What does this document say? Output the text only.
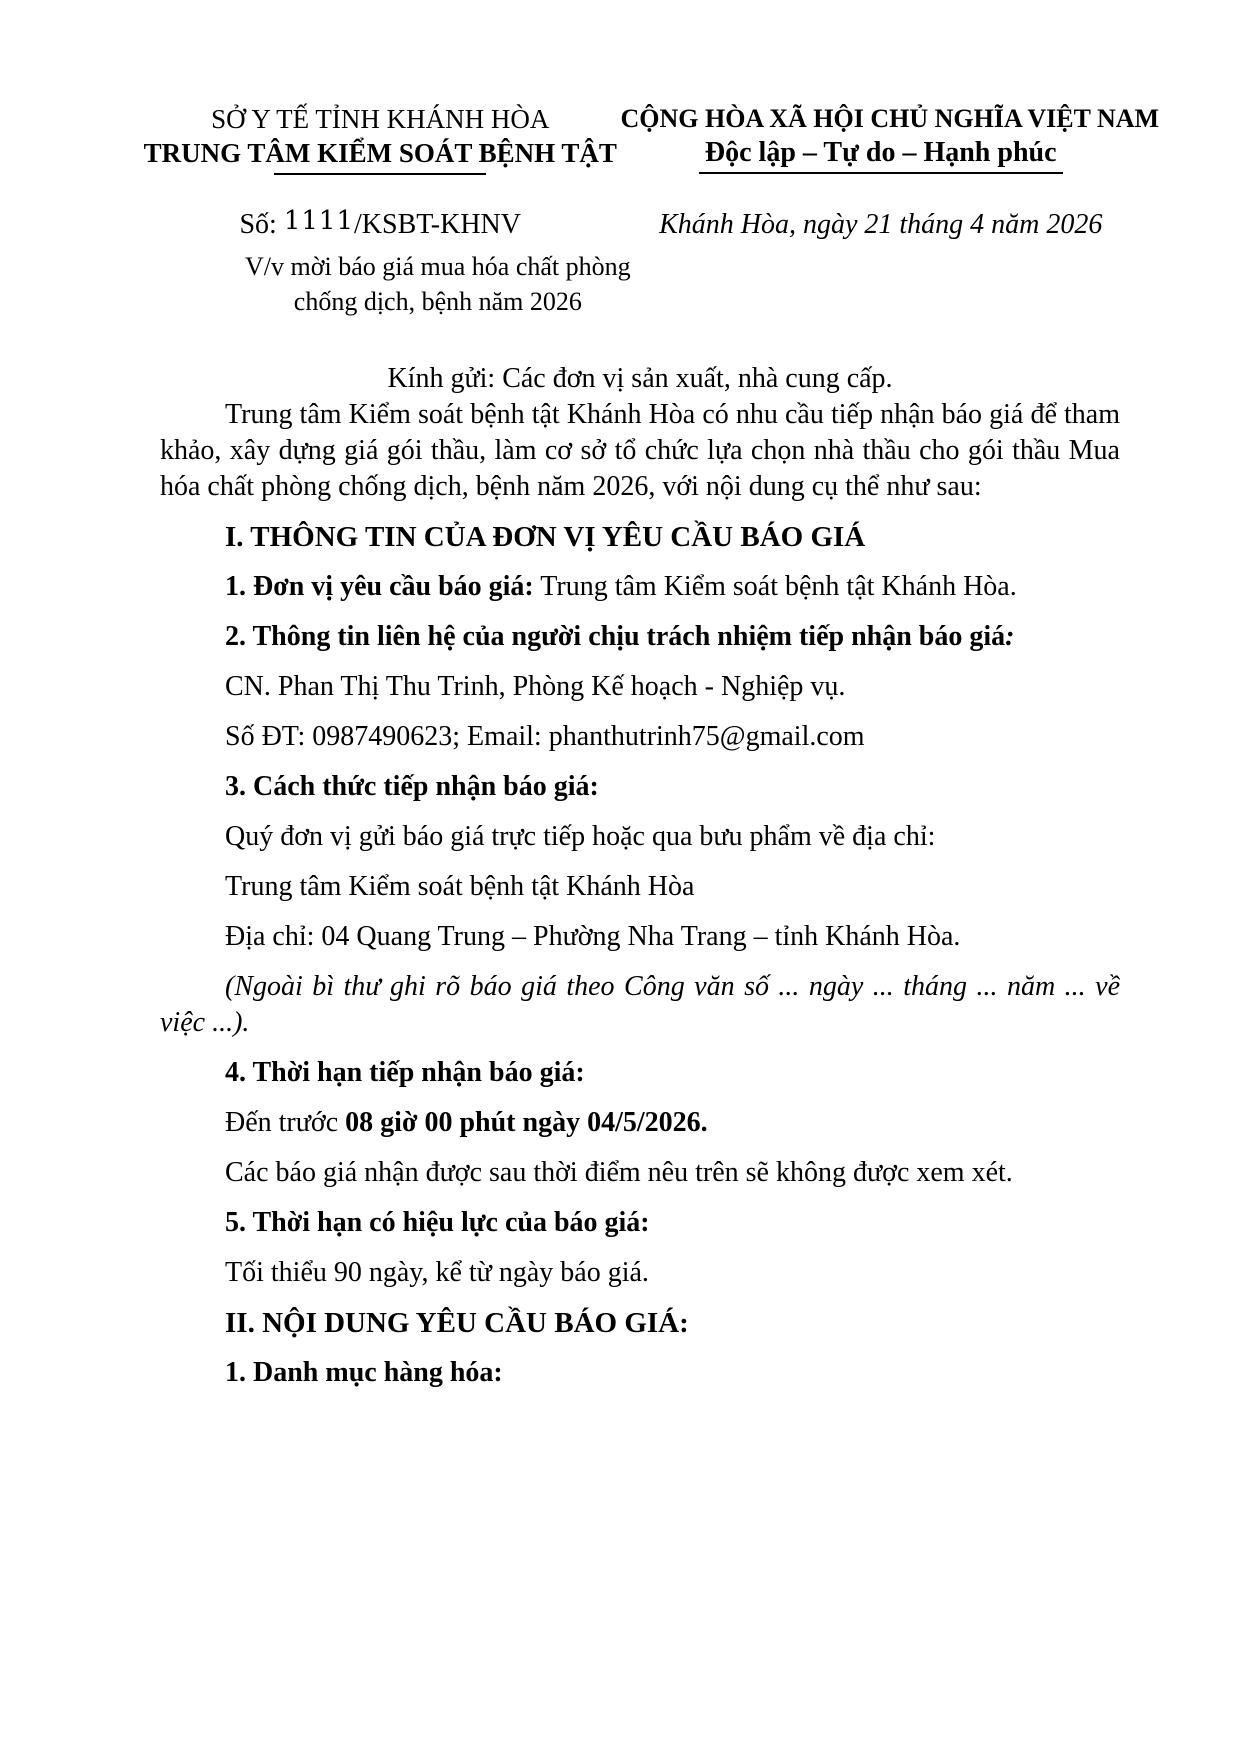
SỞ Y TẾ TỈNH KHÁNH HÒA
TRUNG TÂM KIỂM SOÁT BỆNH TẬT
CỘNG HÒA XÃ HỘI CHỦ NGHĨA VIỆT NAM
Độc lập – Tự do – Hạnh phúc
Số: 1111/KSBT-KHNV	Khánh Hòa, ngày 21 tháng 4 năm 2026
V/v mời báo giá mua hóa chất phòng
chống dịch, bệnh năm 2026
Kính gửi: Các đơn vị sản xuất, nhà cung cấp.

Trung tâm Kiểm soát bệnh tật Khánh Hòa có nhu cầu tiếp nhận báo giá để tham khảo, xây dựng giá gói thầu, làm cơ sở tổ chức lựa chọn nhà thầu cho gói thầu Mua hóa chất phòng chống dịch, bệnh năm 2026, với nội dung cụ thể như sau:

I. THÔNG TIN CỦA ĐƠN VỊ YÊU CẦU BÁO GIÁ

1. Đơn vị yêu cầu báo giá: Trung tâm Kiểm soát bệnh tật Khánh Hòa.

2. Thông tin liên hệ của người chịu trách nhiệm tiếp nhận báo giá:

CN. Phan Thị Thu Trinh, Phòng Kế hoạch - Nghiệp vụ.

Số ĐT: 0987490623; Email: phanthutrinh75@gmail.com

3. Cách thức tiếp nhận báo giá:

Quý đơn vị gửi báo giá trực tiếp hoặc qua bưu phẩm về địa chỉ:

Trung tâm Kiểm soát bệnh tật Khánh Hòa

Địa chỉ: 04 Quang Trung – Phường Nha Trang – tỉnh Khánh Hòa.

(Ngoài bì thư ghi rõ báo giá theo Công văn số ... ngày ... tháng ... năm ... về việc ...).

4. Thời hạn tiếp nhận báo giá:

Đến trước 08 giờ 00 phút ngày 04/5/2026.

Các báo giá nhận được sau thời điểm nêu trên sẽ không được xem xét.

5. Thời hạn có hiệu lực của báo giá:

Tối thiểu 90 ngày, kể từ ngày báo giá.

II. NỘI DUNG YÊU CẦU BÁO GIÁ:

1. Danh mục hàng hóa:
